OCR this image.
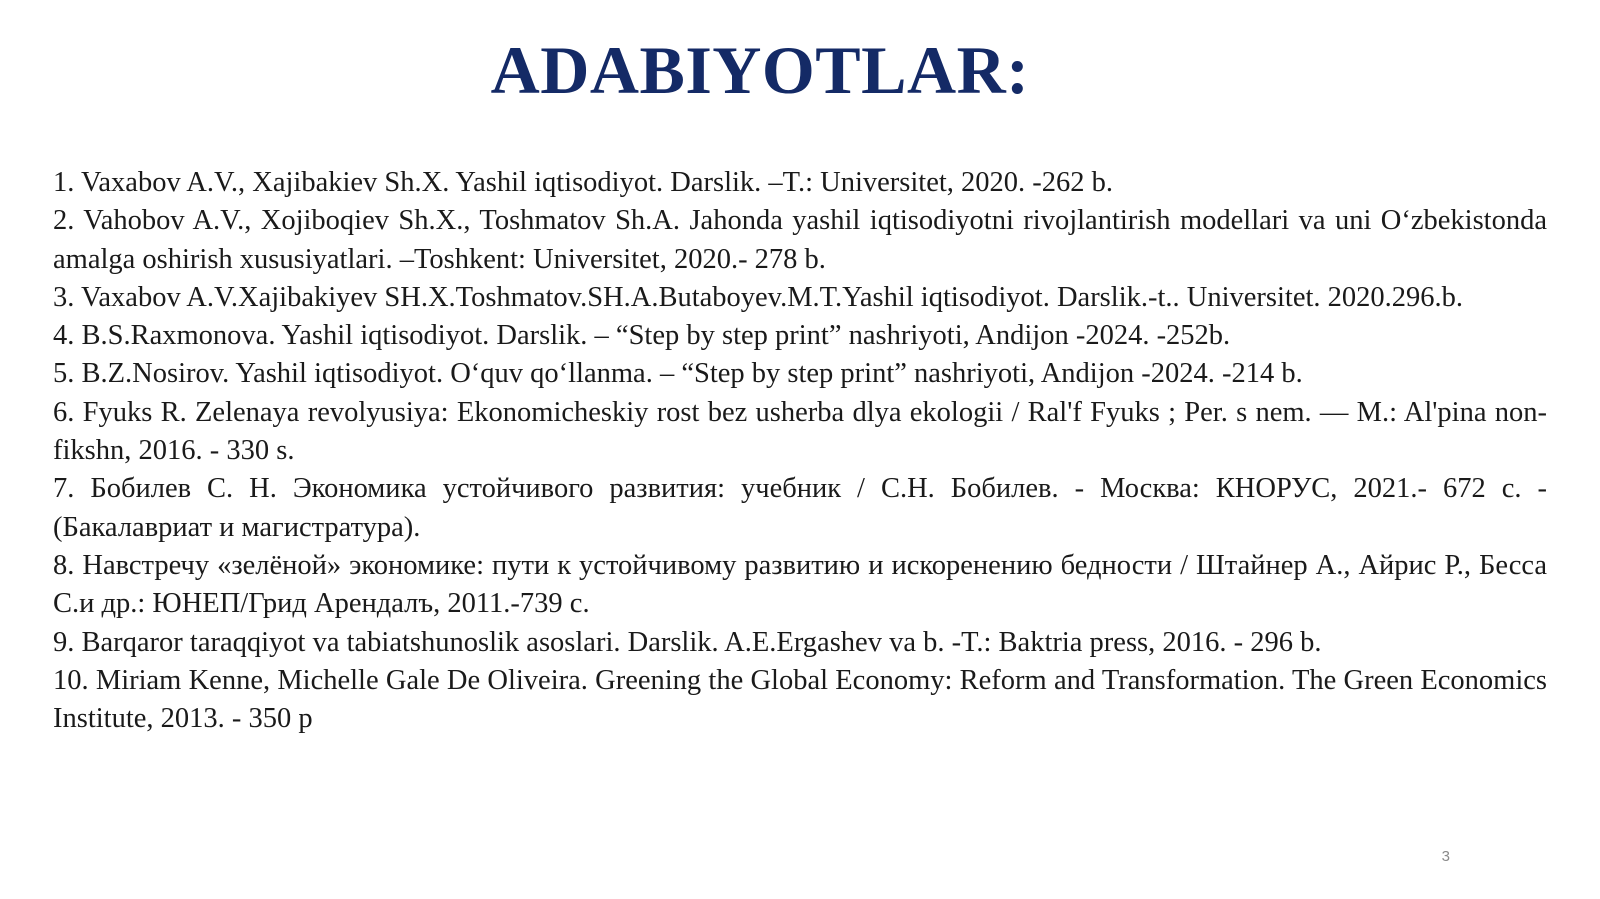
ADABIYOTLAR:
1. Vaxabov A.V., Xajibakiev Sh.X. Yashil iqtisodiyot. Darslik. –T.: Universitet, 2020. -262 b.
2. Vahobov A.V., Xojiboqiev Sh.X., Toshmatov Sh.A. Jahonda yashil iqtisodiyotni rivojlantirish modellari va uni O‘zbekistonda amalga oshirish xususiyatlari. –Toshkent: Universitet, 2020.- 278 b.
3. Vaxabov A.V.Xajibakiyev SH.X.Toshmatov.SH.A.Butaboyev.M.T.Yashil iqtisodiyot. Darslik.-t.. Universitet. 2020.296.b.
4. B.S.Raxmonova. Yashil iqtisodiyot. Darslik. – “Step by step print” nashriyoti, Andijon -2024. -252b.
5. B.Z.Nosirov. Yashil iqtisodiyot. O‘quv qo‘llanma. – “Step by step print” nashriyoti, Andijon -2024. -214 b.
6. Fyuks R. Zelenaya revolyusiya: Ekonomicheskiy rost bez usherba dlya ekologii / Ral'f Fyuks ; Per. s nem. — M.: Al'pina non-fikshn, 2016. - 330 s.
7. Бобилев С. Н. Экономика устойчивого развития: учебник / С.Н. Бобилев. - Москва: КНОРУС, 2021.- 672 с. - (Бакалавриат и магистратура).
8. Навстречу «зелёной» экономике: пути к устойчивому развитию и искоренению бедности / Штайнер А., Айрис Р., Бесса С.и др.: ЮНЕП/Грид Арендалъ, 2011.-739 с.
9. Barqaror taraqqiyot va tabiatshunoslik asoslari. Darslik. A.E.Ergashev va b. -T.: Baktria press, 2016. - 296 b.
10. Miriam Kenne, Michelle Gale De Oliveira. Greening the Global Economy: Reform and Transformation. The Green Economics Institute, 2013. - 350 p
3
